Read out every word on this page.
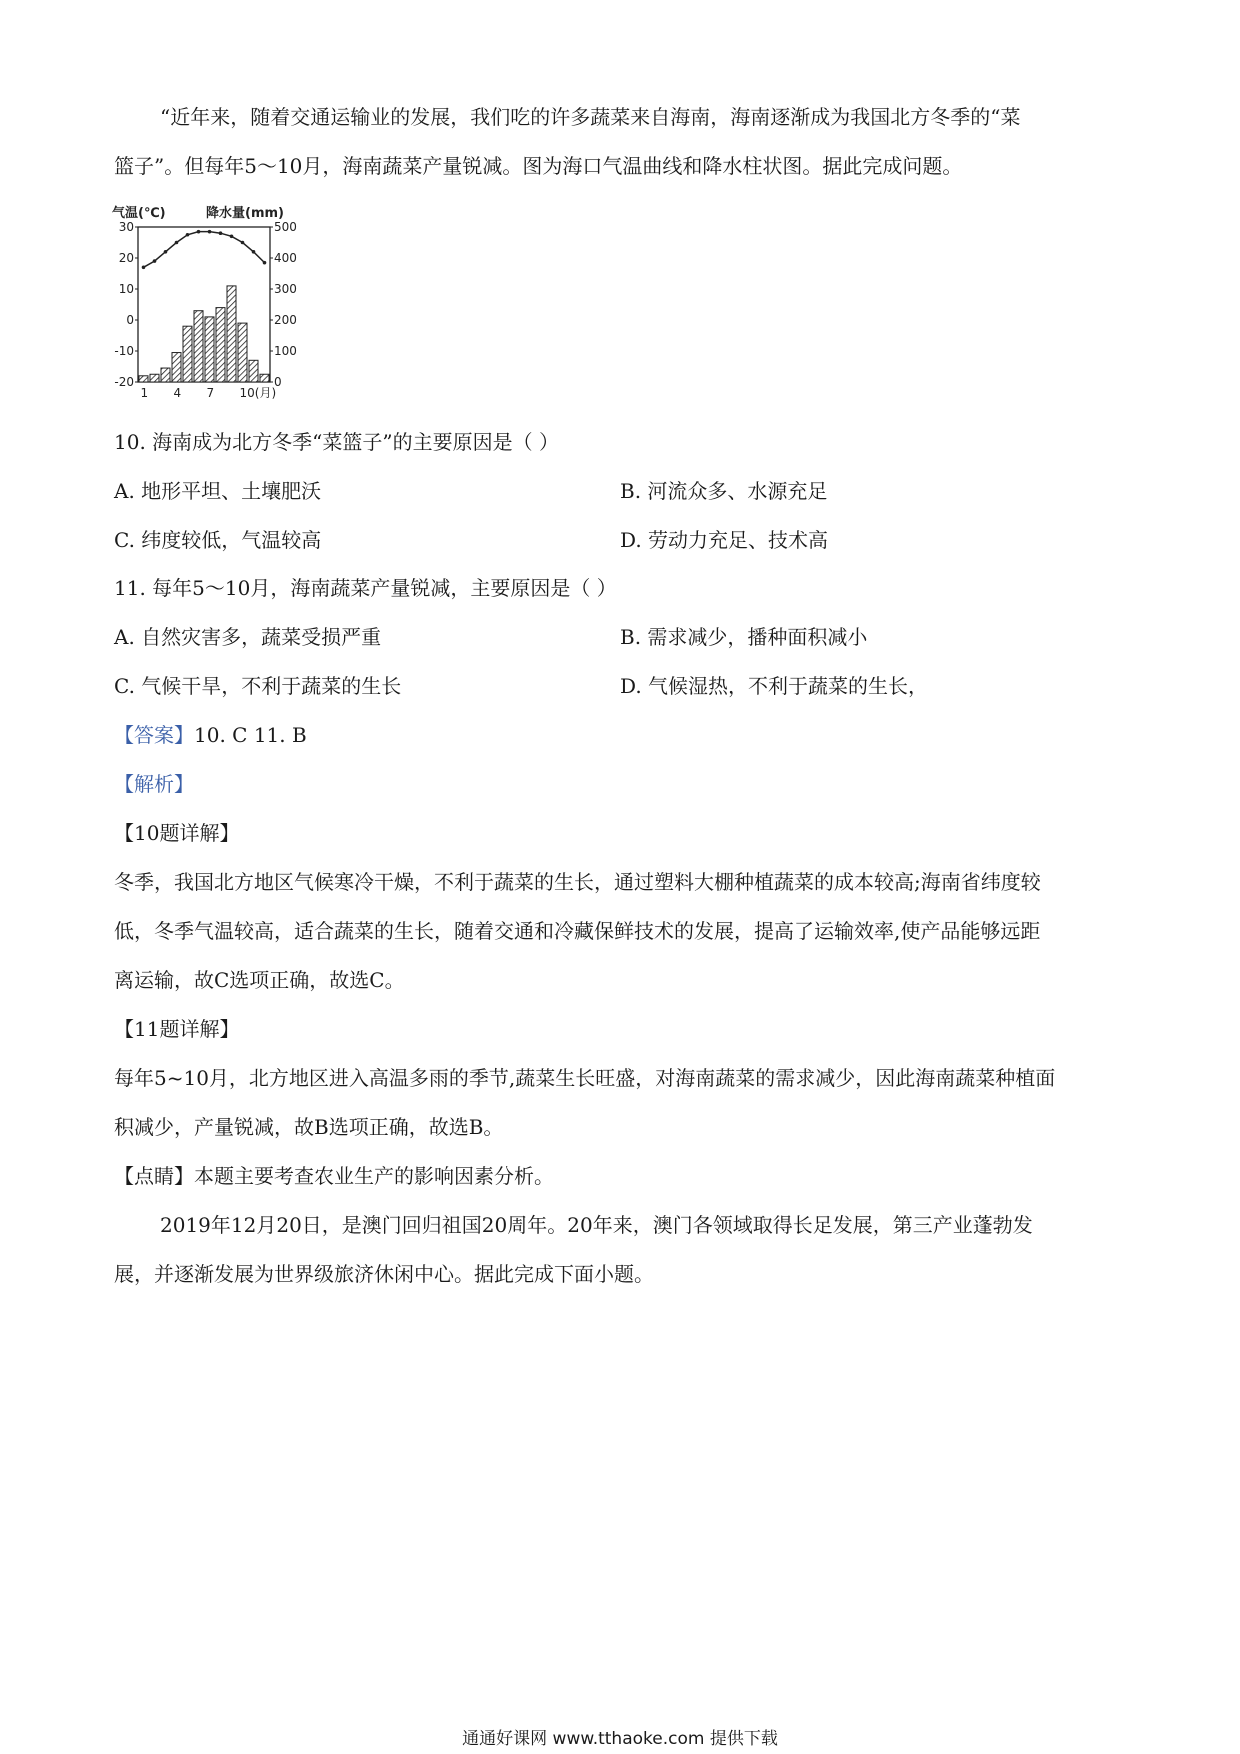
“近年来，随着交通运输业的发展，我们吃的许多蔬菜来自海南，海南逐渐成为我国北方冬季的“菜
篮子”。但每年5～10月，海南蔬菜产量锐减。图为海口气温曲线和降水柱状图。据此完成问题。
气温(℃)	降水量(mm)
30
20
10
0
-10
-20
500
400
300
200
100
0
1 4 7 10(月)
10. 海南成为北方冬季“菜篮子”的主要原因是（ ）
A. 地形平坦、土壤肥沃	B. 河流众多、水源充足
C. 纬度较低，气温较高	D. 劳动力充足、技术高
11. 每年5～10月，海南蔬菜产量锐减，主要原因是（ ）
A. 自然灾害多，蔬菜受损严重	B. 需求减少，播种面积减小
C. 气候干旱，不利于蔬菜的生长	D. 气候湿热，不利于蔬菜的生长，
【答案】10. C 11. B
【解析】
【10题详解】
冬季，我国北方地区气候寒冷干燥，不利于蔬菜的生长，通过塑料大棚种植蔬菜的成本较高;海南省纬度较
低，冬季气温较高，适合蔬菜的生长，随着交通和冷藏保鲜技术的发展，提高了运输效率,使产品能够远距
离运输，故C选项正确，故选C。
【11题详解】
每年5~10月，北方地区进入高温多雨的季节,蔬菜生长旺盛，对海南蔬菜的需求减少，因此海南蔬菜种植面
积减少，产量锐减，故B选项正确，故选B。
【点睛】本题主要考查农业生产的影响因素分析。
2019年12月20日，是澳门回归祖国20周年。20年来，澳门各领域取得长足发展，第三产业蓬勃发
展，并逐渐发展为世界级旅济休闲中心。据此完成下面小题。
通通好课网 www.tthaoke.com 提供下载
